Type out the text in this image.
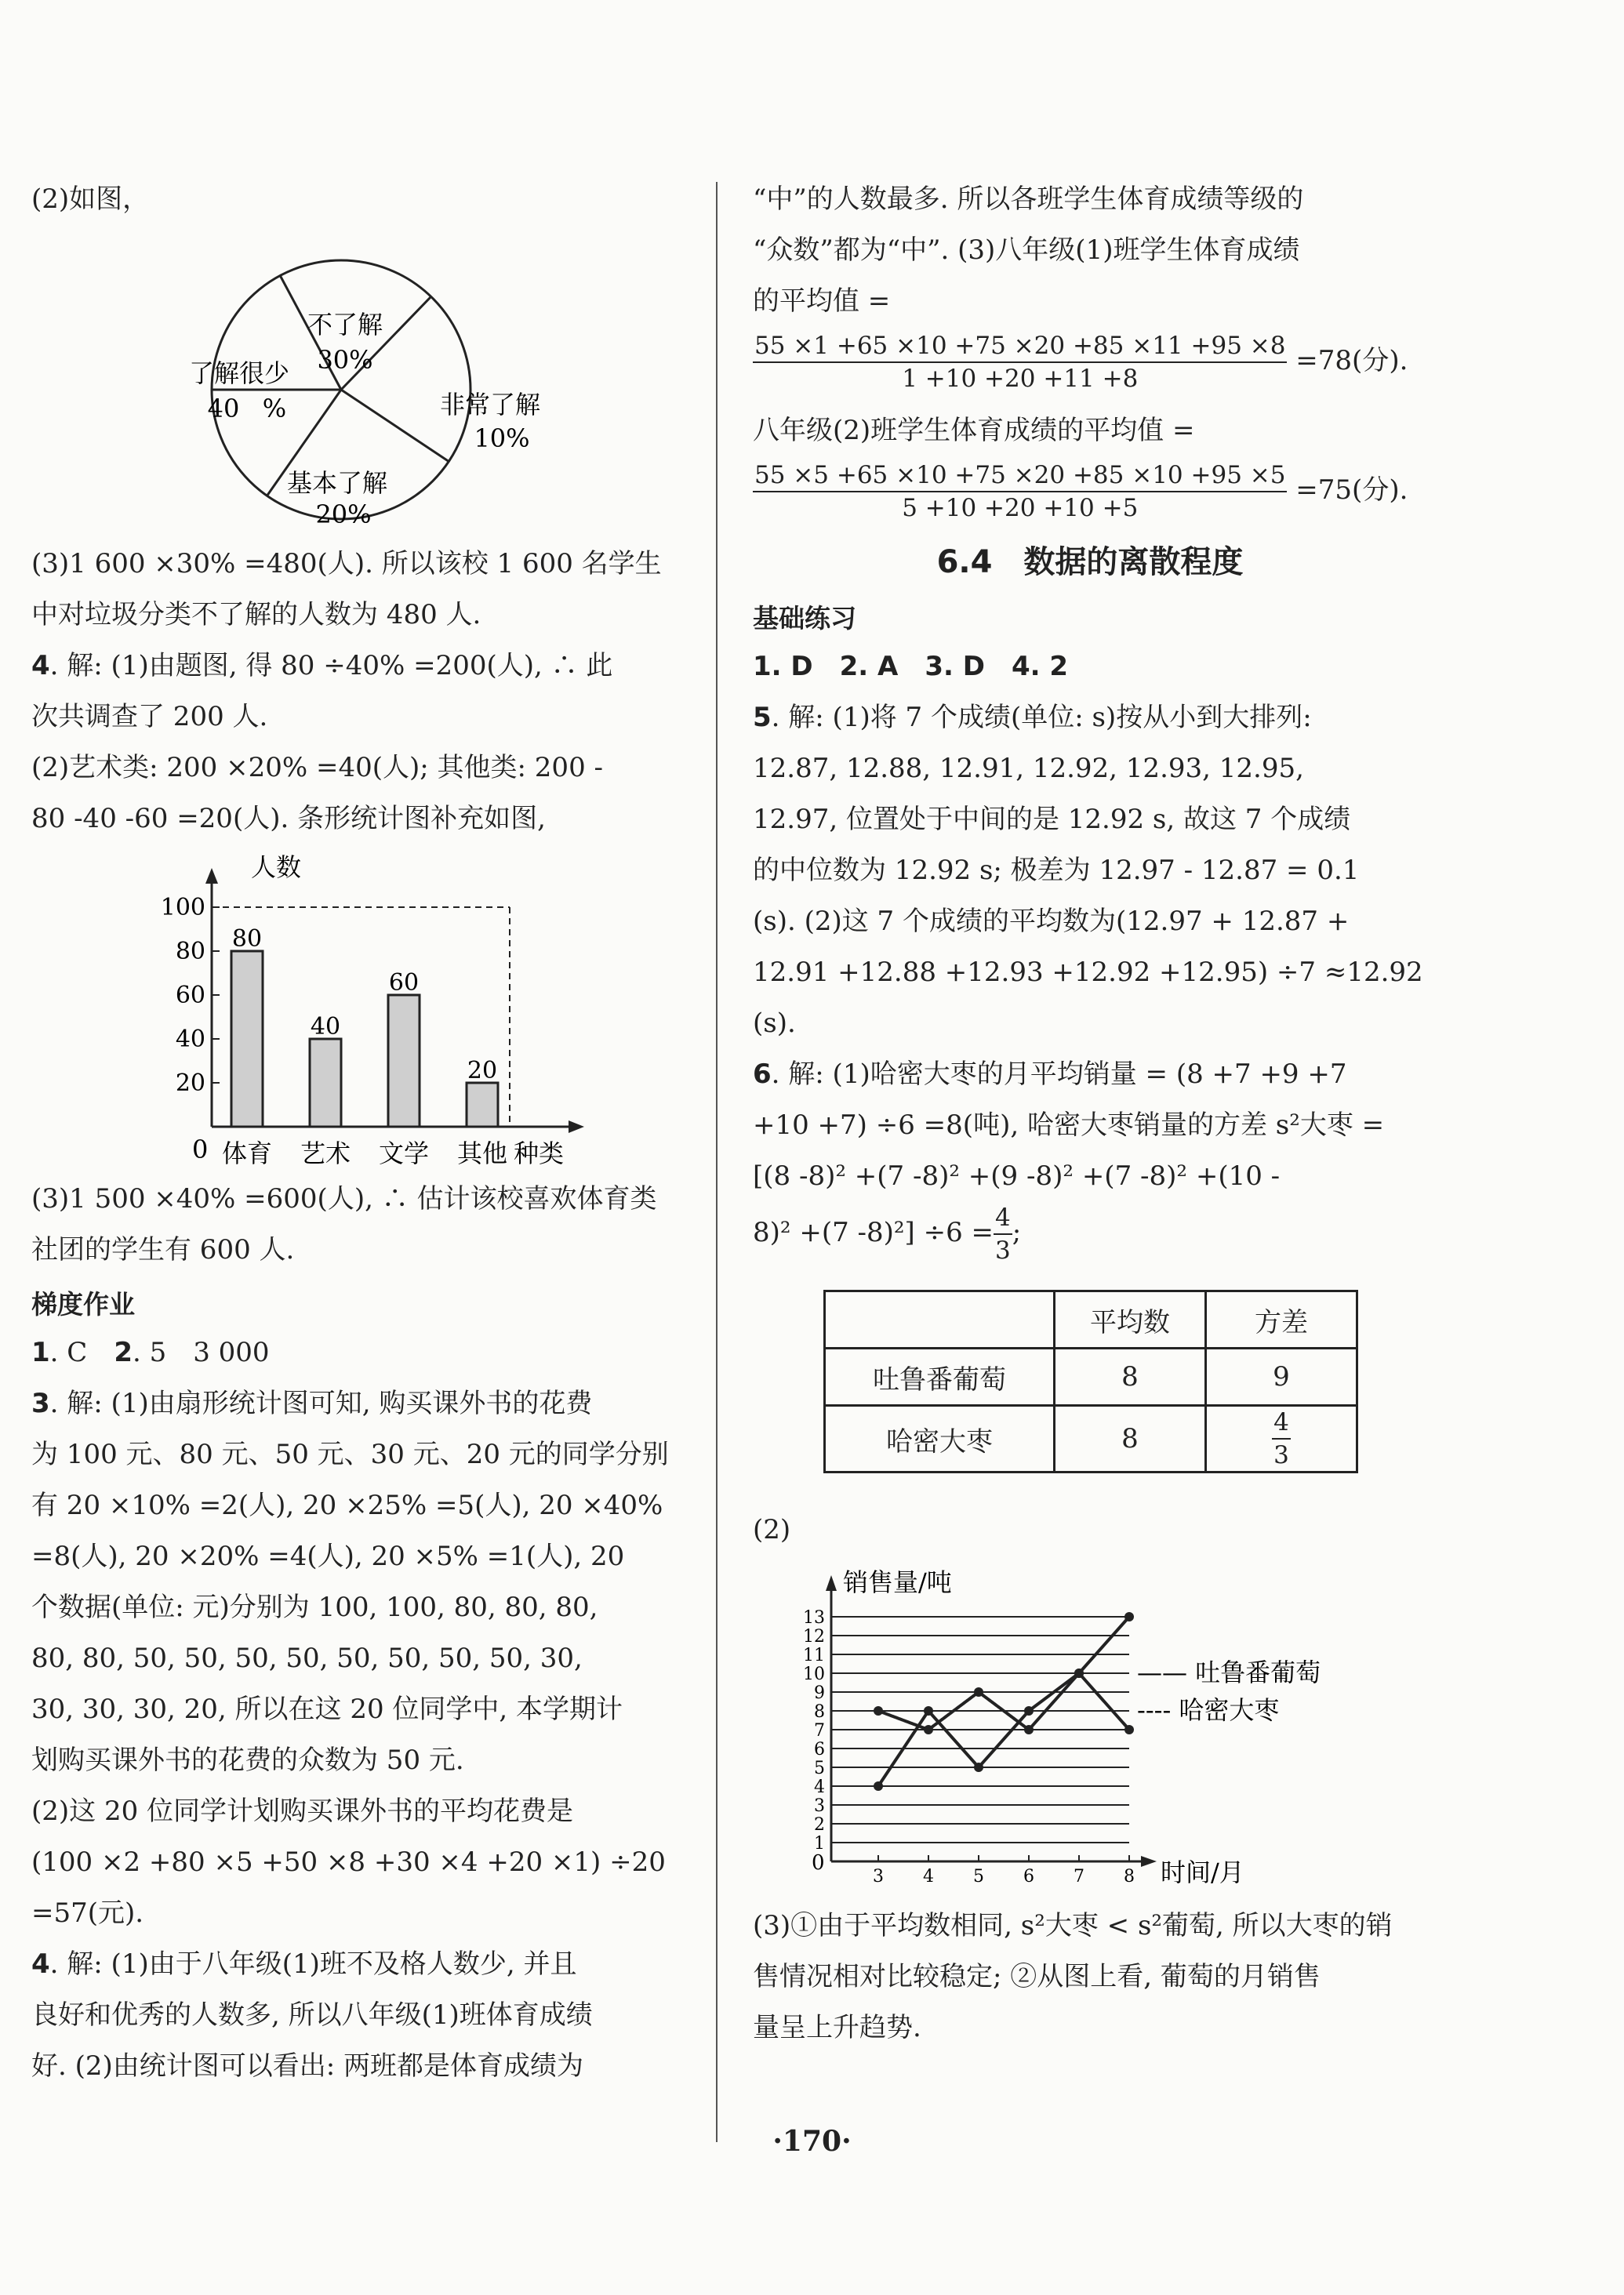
(2)如图，

不了解
30%
了解很少
40 %	非常了解
10%
基本了解
20%

(3)1 600 ×30% =480(人). 所以该校 1 600 名学生

中对垃圾分类不了解的人数为 480 人.

4. 解: (1)由题图, 得 80 ÷40% =200(人), ∴ 此

次共调查了 200 人.

(2)艺术类: 200 ×20% =40(人); 其他类: 200 -

80 -40 -60 =20(人). 条形统计图补充如图,

人数
种类
0
100
80
60
40
20
80
体育
40
艺术
60
文学
20
其他

(3)1 500 ×40% =600(人), ∴ 估计该校喜欢体育类

社团的学生有 600 人.

梯度作业

1. C　 2. 5　3 000

3. 解: (1)由扇形统计图可知, 购买课外书的花费

为 100 元、80 元、50 元、30 元、20 元的同学分别

有 20 ×10% =2(人), 20 ×25% =5(人), 20 ×40%

=8(人), 20 ×20% =4(人), 20 ×5% =1(人), 20

个数据(单位: 元)分别为 100, 100, 80, 80, 80,

80, 80, 50, 50, 50, 50, 50, 50, 50, 50, 30,

30, 30, 30, 20, 所以在这 20 位同学中, 本学期计

划购买课外书的花费的众数为 50 元.

(2)这 20 位同学计划购买课外书的平均花费是

(100 ×2 +80 ×5 +50 ×8 +30 ×4 +20 ×1) ÷20

=57(元).

4. 解: (1)由于八年级(1)班不及格人数少, 并且

良好和优秀的人数多, 所以八年级(1)班体育成绩

好. (2)由统计图可以看出: 两班都是体育成绩为

“中”的人数最多. 所以各班学生体育成绩等级的

“众数”都为“中”. (3)八年级(1)班学生体育成绩

的平均值 =

$\frac{55 \times 1 +65 \times 10 +75 \times 20 +85 \times 11 +95 \times 8}{1 +10 +20 +11 +8} =78$(分).

八年级(2)班学生体育成绩的平均值 =

$\frac{55 \times 5 +65 \times 10 +75 \times 20 +85 \times 10 +95 \times 5}{5 +10 +20 +10 +5} =75$(分).

6.4　数据的离散程度

基础练习

1. D　2. A　3. D　4. 2

5. 解: (1)将 7 个成绩(单位: s)按从小到大排列:

12.87, 12.88, 12.91, 12.92, 12.93, 12.95,

12.97, 位置处于中间的是 12.92 s, 故这 7 个成绩

的中位数为 12.92 s; 极差为 12.97 - 12.87 = 0.1

(s). (2)这 7 个成绩的平均数为(12.97 + 12.87 +

12.91 +12.88 +12.93 +12.92 +12.95) ÷7 ≈12.92

(s).

6. 解: (1)哈密大枣的月平均销量 = (8 +7 +9 +7

+10 +7) ÷6 =8(吨), 哈密大枣销量的方差 s²大枣 =

[(8 -8)² +(7 -8)² +(9 -8)² +(7 -8)² +(10 -

8)² +(7 $-8)^2] \div 6 = \frac{4}{3}$ ;

	平均数	方差
吐鲁番葡萄	8	9
哈密大枣	8	$\frac{4}{3}$

(2)

销售量/吨
时间/月
0
13
12
11
10
9
8
7
6
5
4
3
2
1
3 4 5 6 7 8
—— 吐鲁番葡萄
---- 哈密大枣

(3)①由于平均数相同, s²大枣 < s²葡萄, 所以大枣的销

售情况相对比较稳定; ②从图上看, 葡萄的月销售

量呈上升趋势.

·170·
